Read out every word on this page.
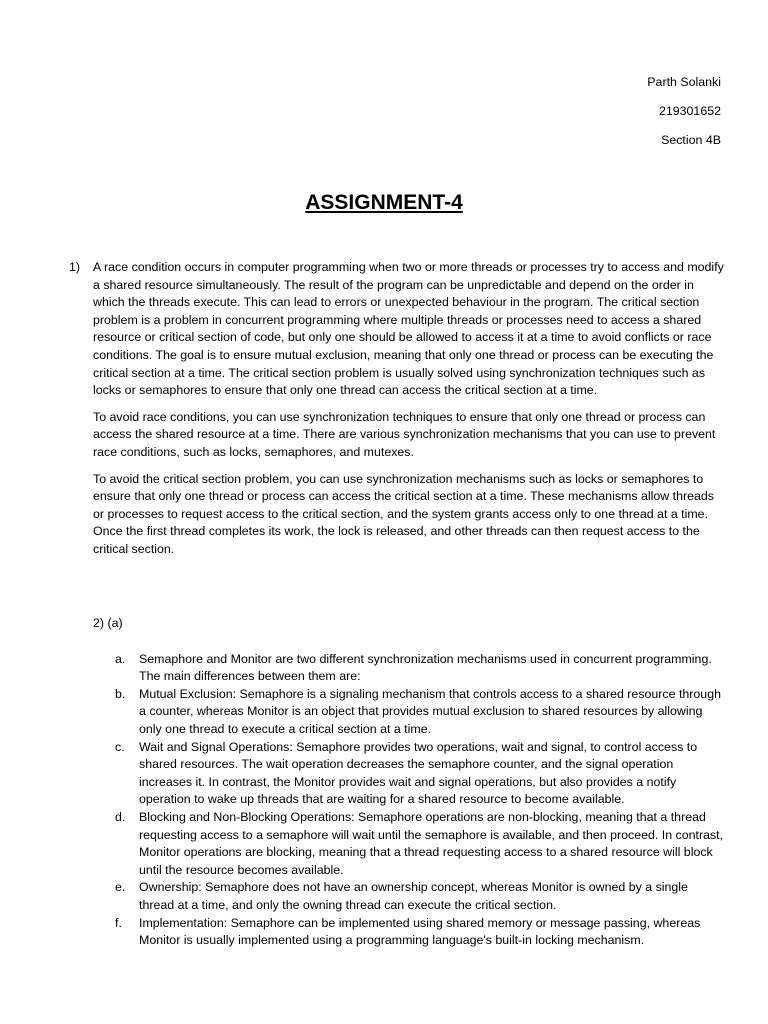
Parth Solanki
219301652
Section 4B
ASSIGNMENT-4
1) A race condition occurs in computer programming when two or more threads or processes try to access and modify a shared resource simultaneously. The result of the program can be unpredictable and depend on the order in which the threads execute. This can lead to errors or unexpected behaviour in the program. The critical section problem is a problem in concurrent programming where multiple threads or processes need to access a shared resource or critical section of code, but only one should be allowed to access it at a time to avoid conflicts or race conditions. The goal is to ensure mutual exclusion, meaning that only one thread or process can be executing the critical section at a time. The critical section problem is usually solved using synchronization techniques such as locks or semaphores to ensure that only one thread can access the critical section at a time.

To avoid race conditions, you can use synchronization techniques to ensure that only one thread or process can access the shared resource at a time. There are various synchronization mechanisms that you can use to prevent race conditions, such as locks, semaphores, and mutexes.

To avoid the critical section problem, you can use synchronization mechanisms such as locks or semaphores to ensure that only one thread or process can access the critical section at a time. These mechanisms allow threads or processes to request access to the critical section, and the system grants access only to one thread at a time. Once the first thread completes its work, the lock is released, and other threads can then request access to the critical section.

2) (a)
a. Semaphore and Monitor are two different synchronization mechanisms used in concurrent programming. The main differences between them are:
b. Mutual Exclusion: Semaphore is a signaling mechanism that controls access to a shared resource through a counter, whereas Monitor is an object that provides mutual exclusion to shared resources by allowing only one thread to execute a critical section at a time.
c. Wait and Signal Operations: Semaphore provides two operations, wait and signal, to control access to shared resources. The wait operation decreases the semaphore counter, and the signal operation increases it. In contrast, the Monitor provides wait and signal operations, but also provides a notify operation to wake up threads that are waiting for a shared resource to become available.
d. Blocking and Non-Blocking Operations: Semaphore operations are non-blocking, meaning that a thread requesting access to a semaphore will wait until the semaphore is available, and then proceed. In contrast, Monitor operations are blocking, meaning that a thread requesting access to a shared resource will block until the resource becomes available.
e. Ownership: Semaphore does not have an ownership concept, whereas Monitor is owned by a single thread at a time, and only the owning thread can execute the critical section.
f. Implementation: Semaphore can be implemented using shared memory or message passing, whereas Monitor is usually implemented using a programming language's built-in locking mechanism.
